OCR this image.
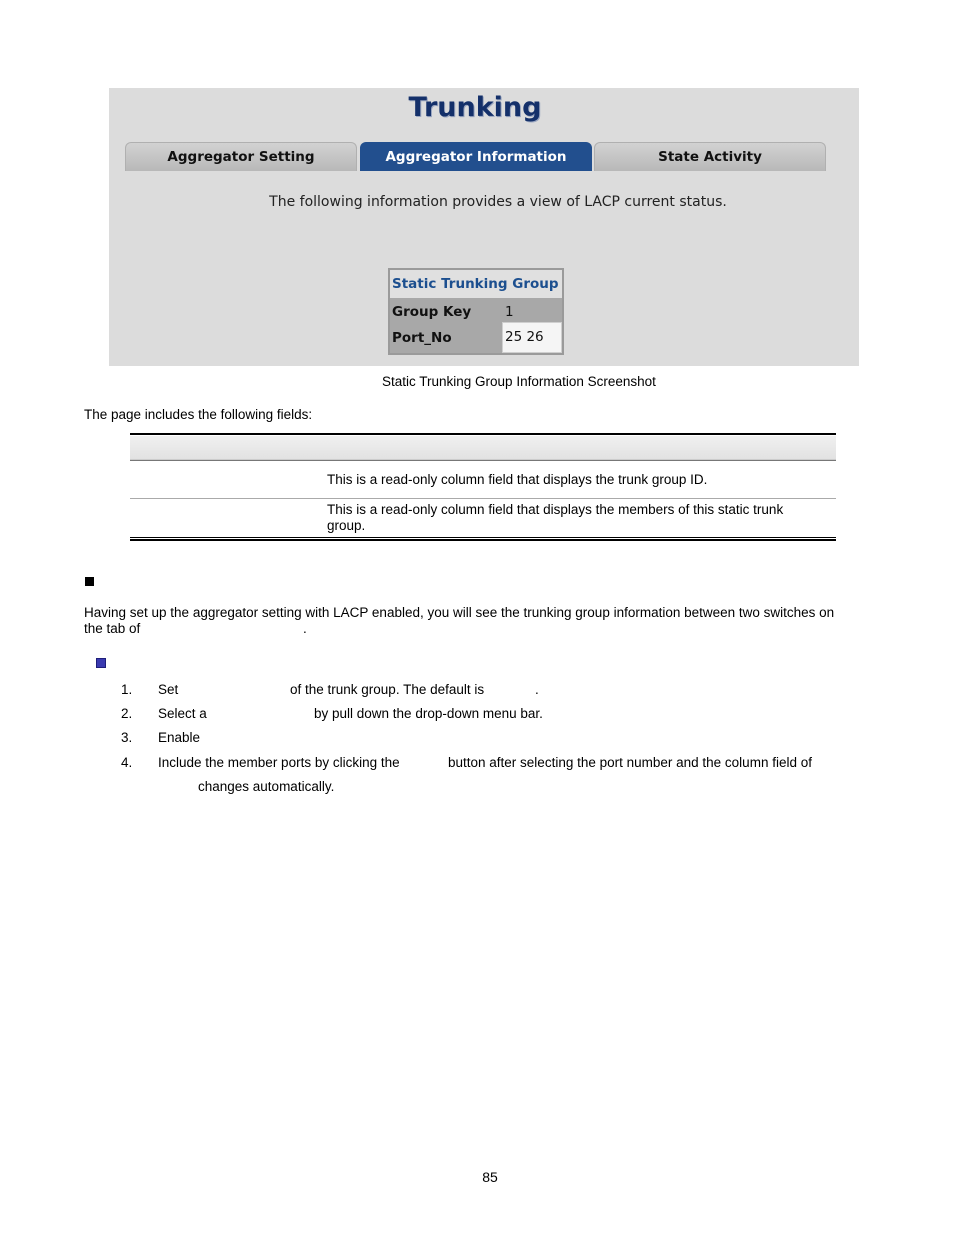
Trunking
Aggregator Setting	Aggregator Information	State Activity
The following information provides a view of LACP current status.
Static Trunking Group
Group Key	1
Port_No	25 26
Static Trunking Group Information Screenshot
The page includes the following fields:
This is a read-only column field that displays the trunk group ID.
This is a read-only column field that displays the members of this static trunk group.
Having set up the aggregator setting with LACP enabled, you will see the trunking group information between two switches on
the tab of	.
1.	Set	of the trunk group. The default is	.
2.	Select a	by pull down the drop-down menu bar.
3.	Enable
4.	Include the member ports by clicking the	button after selecting the port number and the column field of
changes automatically.
85
